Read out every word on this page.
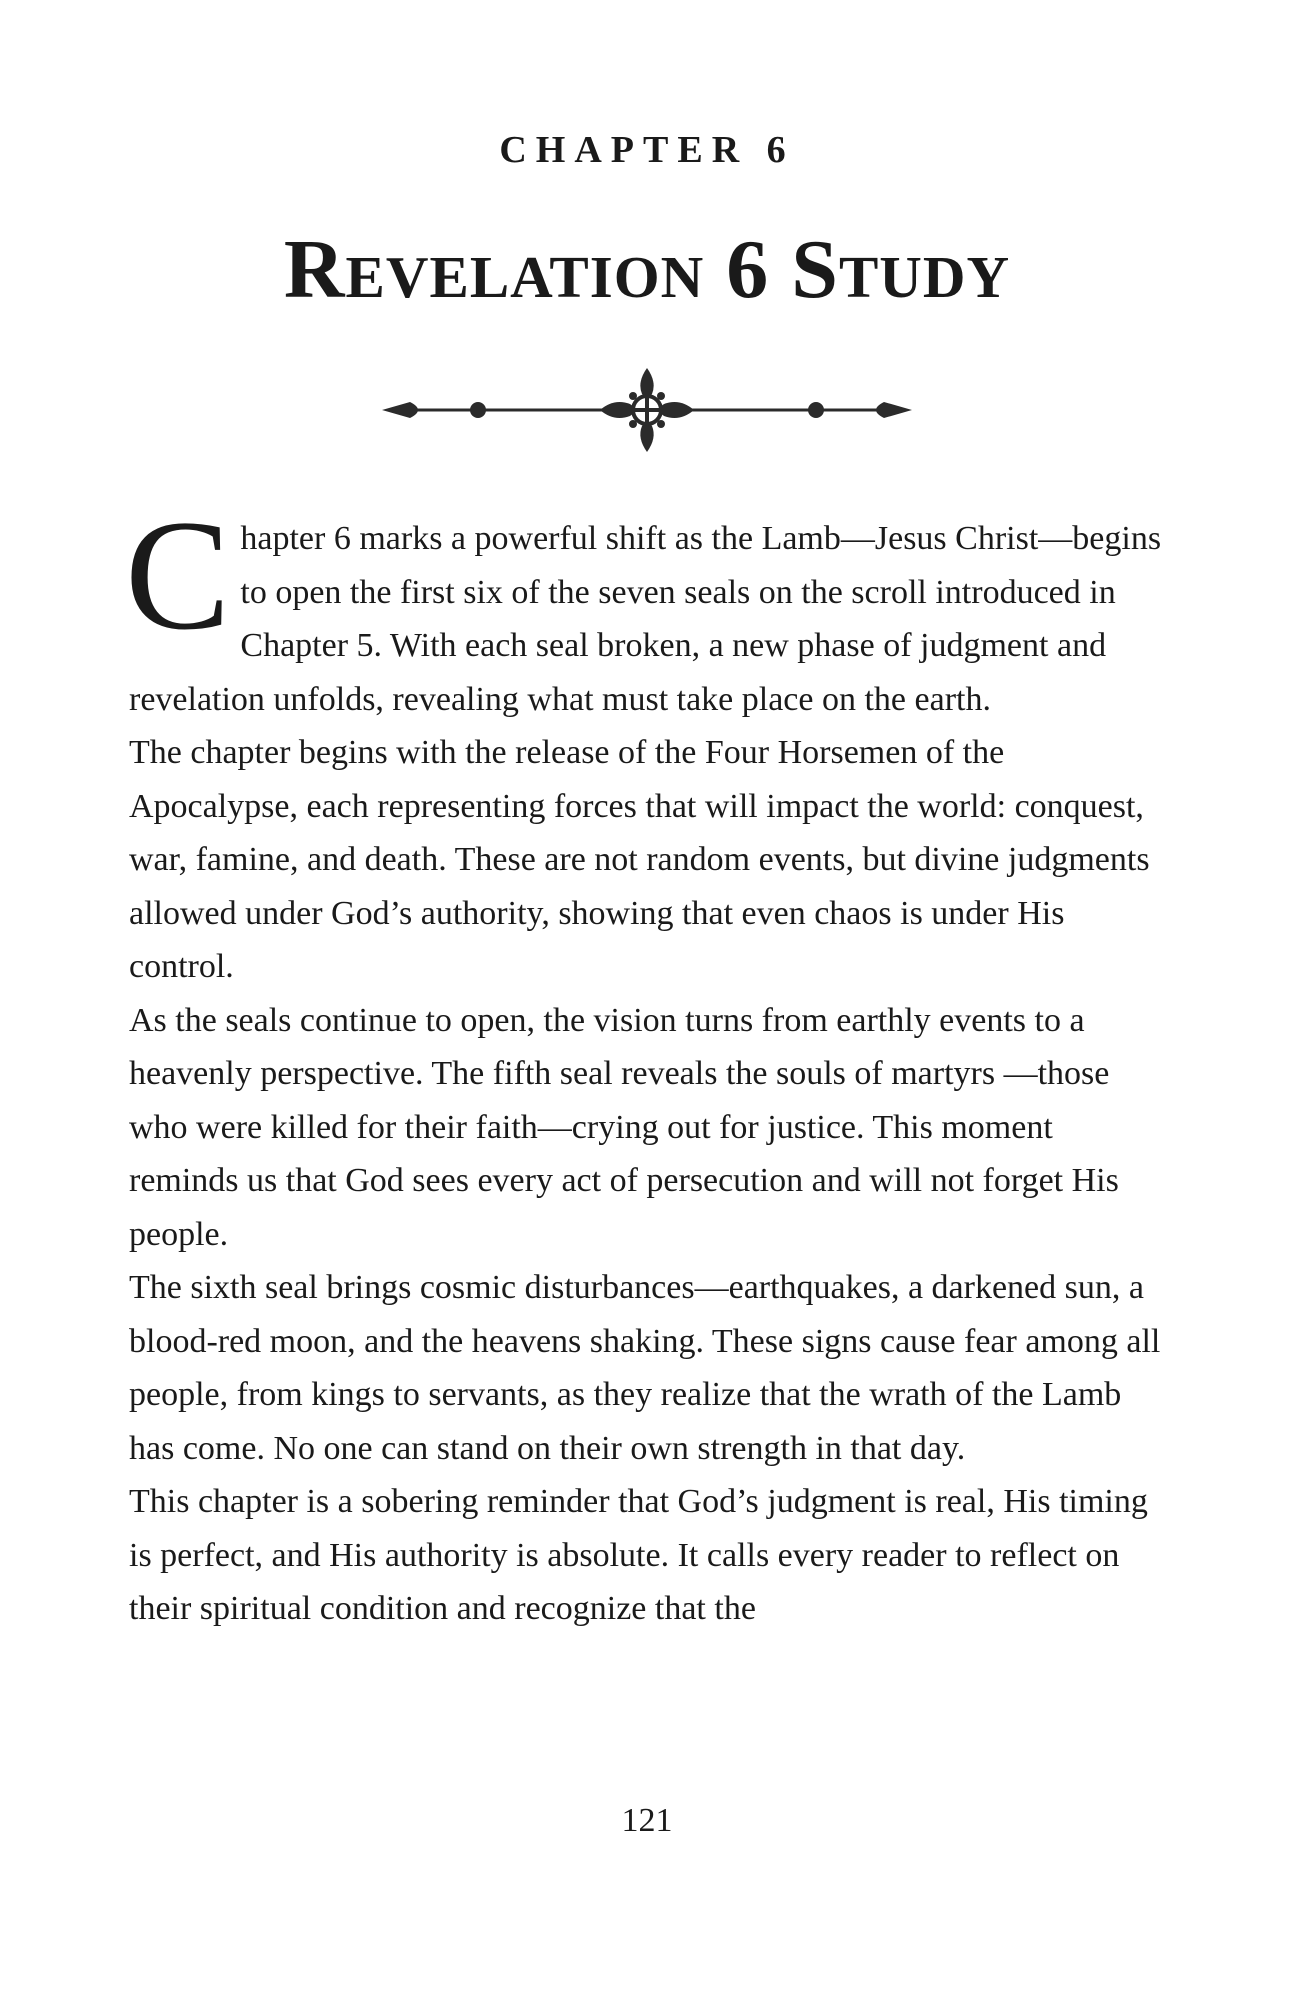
CHAPTER 6
Revelation 6 Study

Chapter 6 marks a powerful shift as the Lamb—Jesus Christ—begins to open the first six of the seven seals on the scroll introduced in Chapter 5. With each seal broken, a new phase of judgment and revelation unfolds, revealing what must take place on the earth.

The chapter begins with the release of the Four Horsemen of the Apocalypse, each representing forces that will impact the world: conquest, war, famine, and death. These are not random events, but divine judgments allowed under God’s authority, showing that even chaos is under His control.

As the seals continue to open, the vision turns from earthly events to a heavenly perspective. The fifth seal reveals the souls of martyrs —those who were killed for their faith—crying out for justice. This moment reminds us that God sees every act of persecution and will not forget His people.

The sixth seal brings cosmic disturbances—earthquakes, a darkened sun, a blood-red moon, and the heavens shaking. These signs cause fear among all people, from kings to servants, as they realize that the wrath of the Lamb has come. No one can stand on their own strength in that day.

This chapter is a sobering reminder that God’s judgment is real, His timing is perfect, and His authority is absolute. It calls every reader to reflect on their spiritual condition and recognize that the

121
